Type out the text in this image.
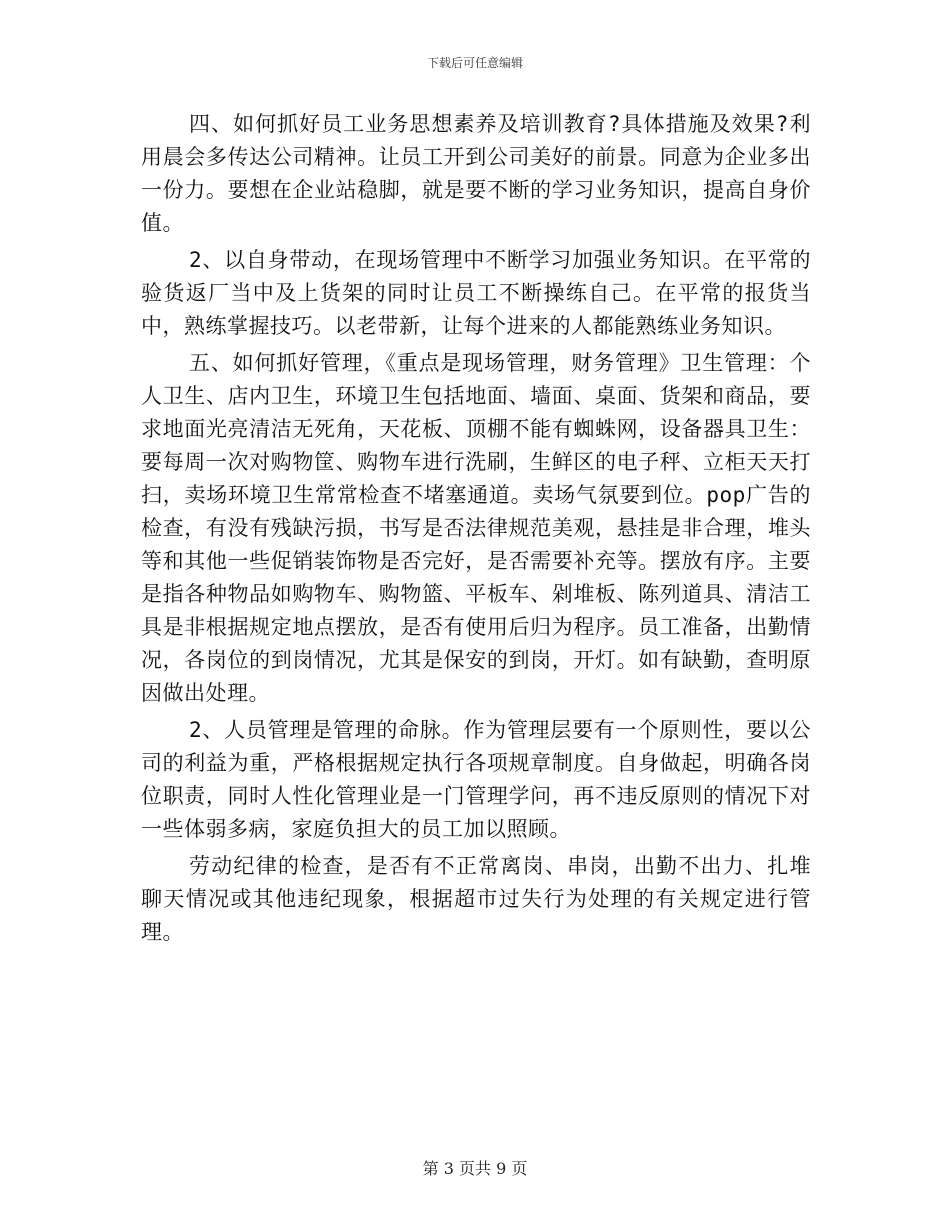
下载后可任意编辑

四、如何抓好员工业务思想素养及培训教育?具体措施及效果?利用晨会多传达公司精神。让员工开到公司美好的前景。同意为企业多出一份力。要想在企业站稳脚，就是要不断的学习业务知识，提高自身价值。

2、以自身带动，在现场管理中不断学习加强业务知识。在平常的验货返厂当中及上货架的同时让员工不断操练自己。在平常的报货当中，熟练掌握技巧。以老带新，让每个进来的人都能熟练业务知识。

五、如何抓好管理，《重点是现场管理，财务管理》卫生管理：个人卫生、店内卫生，环境卫生包括地面、墙面、桌面、货架和商品，要求地面光亮清洁无死角，天花板、顶棚不能有蜘蛛网，设备器具卫生：要每周一次对购物筐、购物车进行洗刷，生鲜区的电子秤、立柜天天打扫，卖场环境卫生常常检查不堵塞通道。卖场气氛要到位。pop广告的检查，有没有残缺污损，书写是否法律规范美观，悬挂是非合理，堆头等和其他一些促销装饰物是否完好，是否需要补充等。摆放有序。主要是指各种物品如购物车、购物篮、平板车、剁堆板、陈列道具、清洁工具是非根据规定地点摆放，是否有使用后归为程序。员工准备，出勤情况，各岗位的到岗情况，尤其是保安的到岗，开灯。如有缺勤，查明原因做出处理。

2、人员管理是管理的命脉。作为管理层要有一个原则性，要以公司的利益为重，严格根据规定执行各项规章制度。自身做起，明确各岗位职责，同时人性化管理业是一门管理学问，再不违反原则的情况下对一些体弱多病，家庭负担大的员工加以照顾。

劳动纪律的检查，是否有不正常离岗、串岗，出勤不出力、扎堆聊天情况或其他违纪现象，根据超市过失行为处理的有关规定进行管理。

第 3 页共 9 页
